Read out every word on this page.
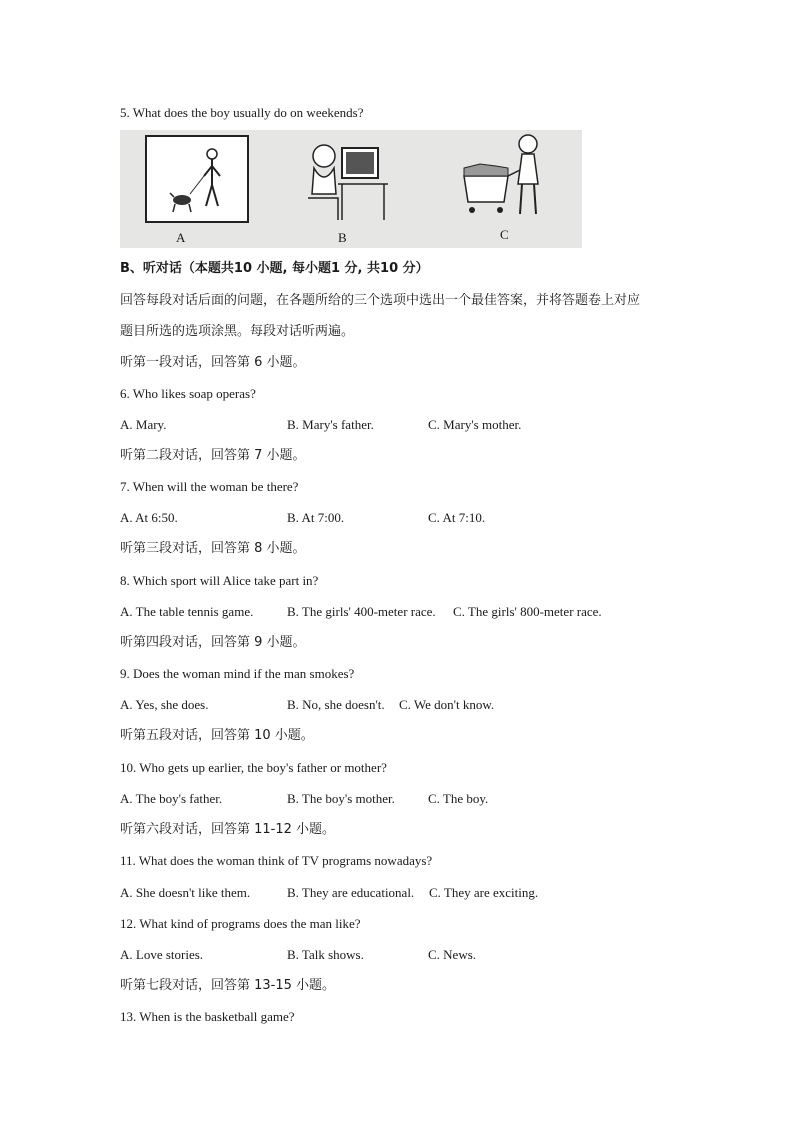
5. What does the boy usually do on weekends?
A	B	C
B、听对话（本题共10 小题, 每小题1 分, 共10 分）
回答每段对话后面的问题，在各题所给的三个选项中选出一个最佳答案，并将答题卷上对应
题目所选的选项涂黑。每段对话听两遍。
听第一段对话，回答第 6 小题。
6. Who likes soap operas?
A. Mary.	B. Mary's father.	C. Mary's mother.
听第二段对话，回答第 7 小题。
7. When will the woman be there?
A. At 6:50.	B. At 7:00.	C. At 7:10.
听第三段对话，回答第 8 小题。
8. Which sport will Alice take part in?
A. The table tennis game.	B. The girls' 400-meter race. C. The girls' 800-meter race.
听第四段对话，回答第 9 小题。
9. Does the woman mind if the man smokes?
A. Yes, she does.	B. No, she doesn't. C. We don't know.
听第五段对话，回答第 10 小题。
10. Who gets up earlier, the boy's father or mother?
A. The boy's father.	B. The boy's mother.	C. The boy.
听第六段对话，回答第 11-12 小题。
11. What does the woman think of TV programs nowadays?
A. She doesn't like them.	B. They are educational. C. They are exciting.
12. What kind of programs does the man like?
A. Love stories.	B. Talk shows.	C. News.
听第七段对话，回答第 13-15 小题。
13. When is the basketball game?
